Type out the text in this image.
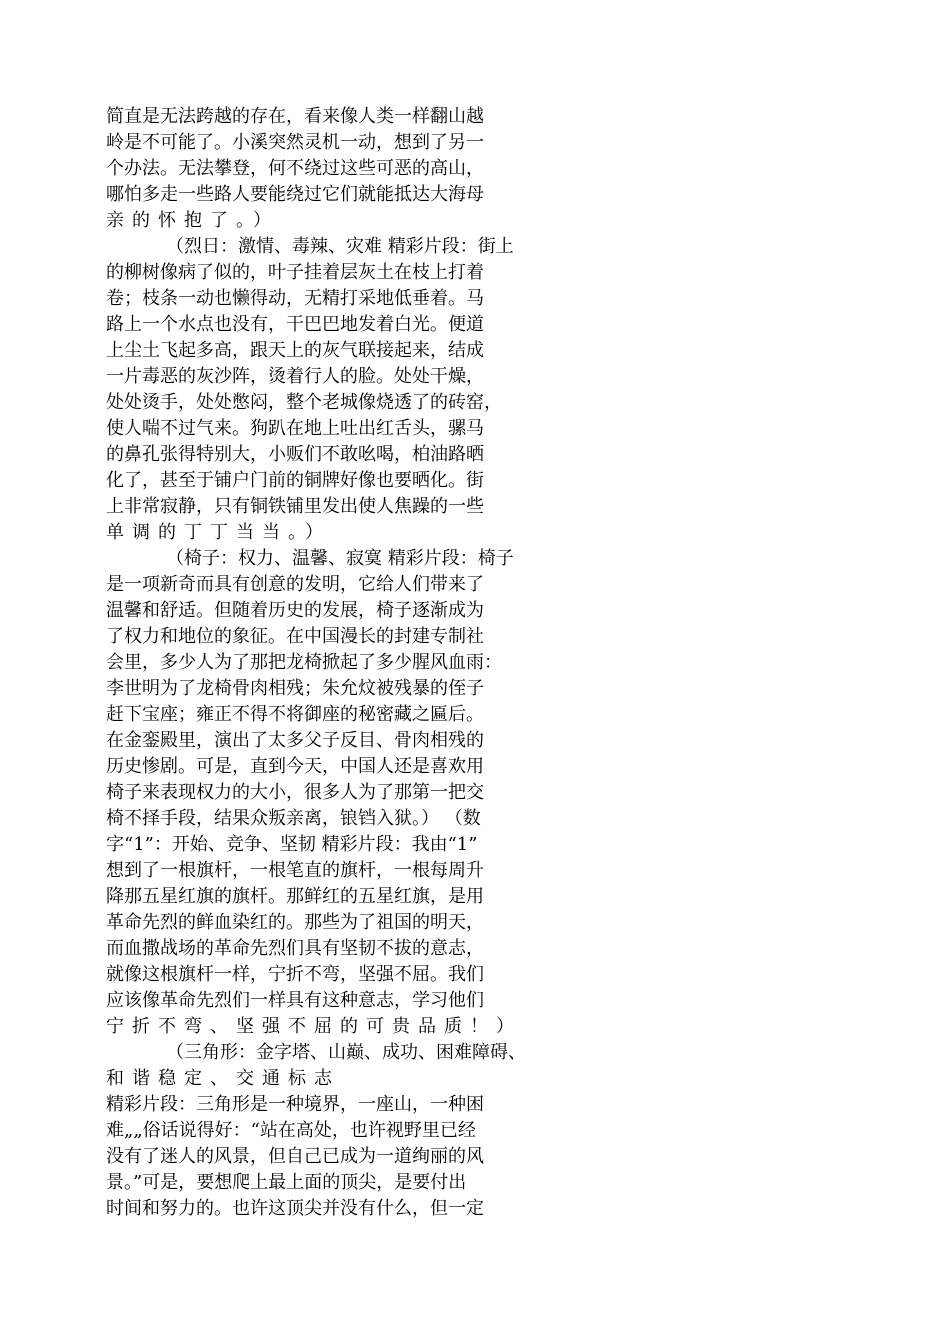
简直是无法跨越的存在，看来像人类一样翻山越
岭是不可能了。小溪突然灵机一动，想到了另一
个办法。无法攀登，何不绕过这些可恶的高山，
哪怕多走一些路人要能绕过它们就能抵达大海母
亲的怀抱了。）
（烈日：激情、毒辣、灾难 精彩片段：街上
的柳树像病了似的，叶子挂着层灰土在枝上打着
卷；枝条一动也懒得动，无精打采地低垂着。马
路上一个水点也没有，干巴巴地发着白光。便道
上尘土飞起多高，跟天上的灰气联接起来，结成
一片毒恶的灰沙阵，烫着行人的脸。处处干燥，
处处烫手，处处憋闷，整个老城像烧透了的砖窑，
使人喘不过气来。狗趴在地上吐出红舌头，骡马
的鼻孔张得特别大，小贩们不敢吆喝，柏油路晒
化了，甚至于铺户门前的铜牌好像也要晒化。街
上非常寂静，只有铜铁铺里发出使人焦躁的一些
单调的丁丁当当。）
（椅子：权力、温馨、寂寞 精彩片段：椅子
是一项新奇而具有创意的发明，它给人们带来了
温馨和舒适。但随着历史的发展，椅子逐渐成为
了权力和地位的象征。在中国漫长的封建专制社
会里，多少人为了那把龙椅掀起了多少腥风血雨：
李世明为了龙椅骨肉相残；朱允炆被残暴的侄子
赶下宝座；雍正不得不将御座的秘密藏之匾后。
在金銮殿里，演出了太多父子反目、骨肉相残的
历史惨剧。可是，直到今天，中国人还是喜欢用
椅子来表现权力的大小，很多人为了那第一把交
椅不择手段，结果众叛亲离，锒铛入狱。） （数
字“1”：开始、竞争、坚韧 精彩片段：我由“1”
想到了一根旗杆，一根笔直的旗杆，一根每周升
降那五星红旗的旗杆。那鲜红的五星红旗，是用
革命先烈的鲜血染红的。那些为了祖国的明天，
而血撒战场的革命先烈们具有坚韧不拔的意志，
就像这根旗杆一样，宁折不弯，坚强不屈。我们
应该像革命先烈们一样具有这种意志，学习他们
宁折不弯、坚强不屈的可贵品质！）
（三角形：金字塔、山巅、成功、困难障碍、
和谐稳定、交通标志
精彩片段：三角形是一种境界，一座山，一种困
难„„俗话说得好：“站在高处，也许视野里已经
没有了迷人的风景，但自己已成为一道绚丽的风
景。”可是，要想爬上最上面的顶尖，是要付出
时间和努力的。也许这顶尖并没有什么，但一定
